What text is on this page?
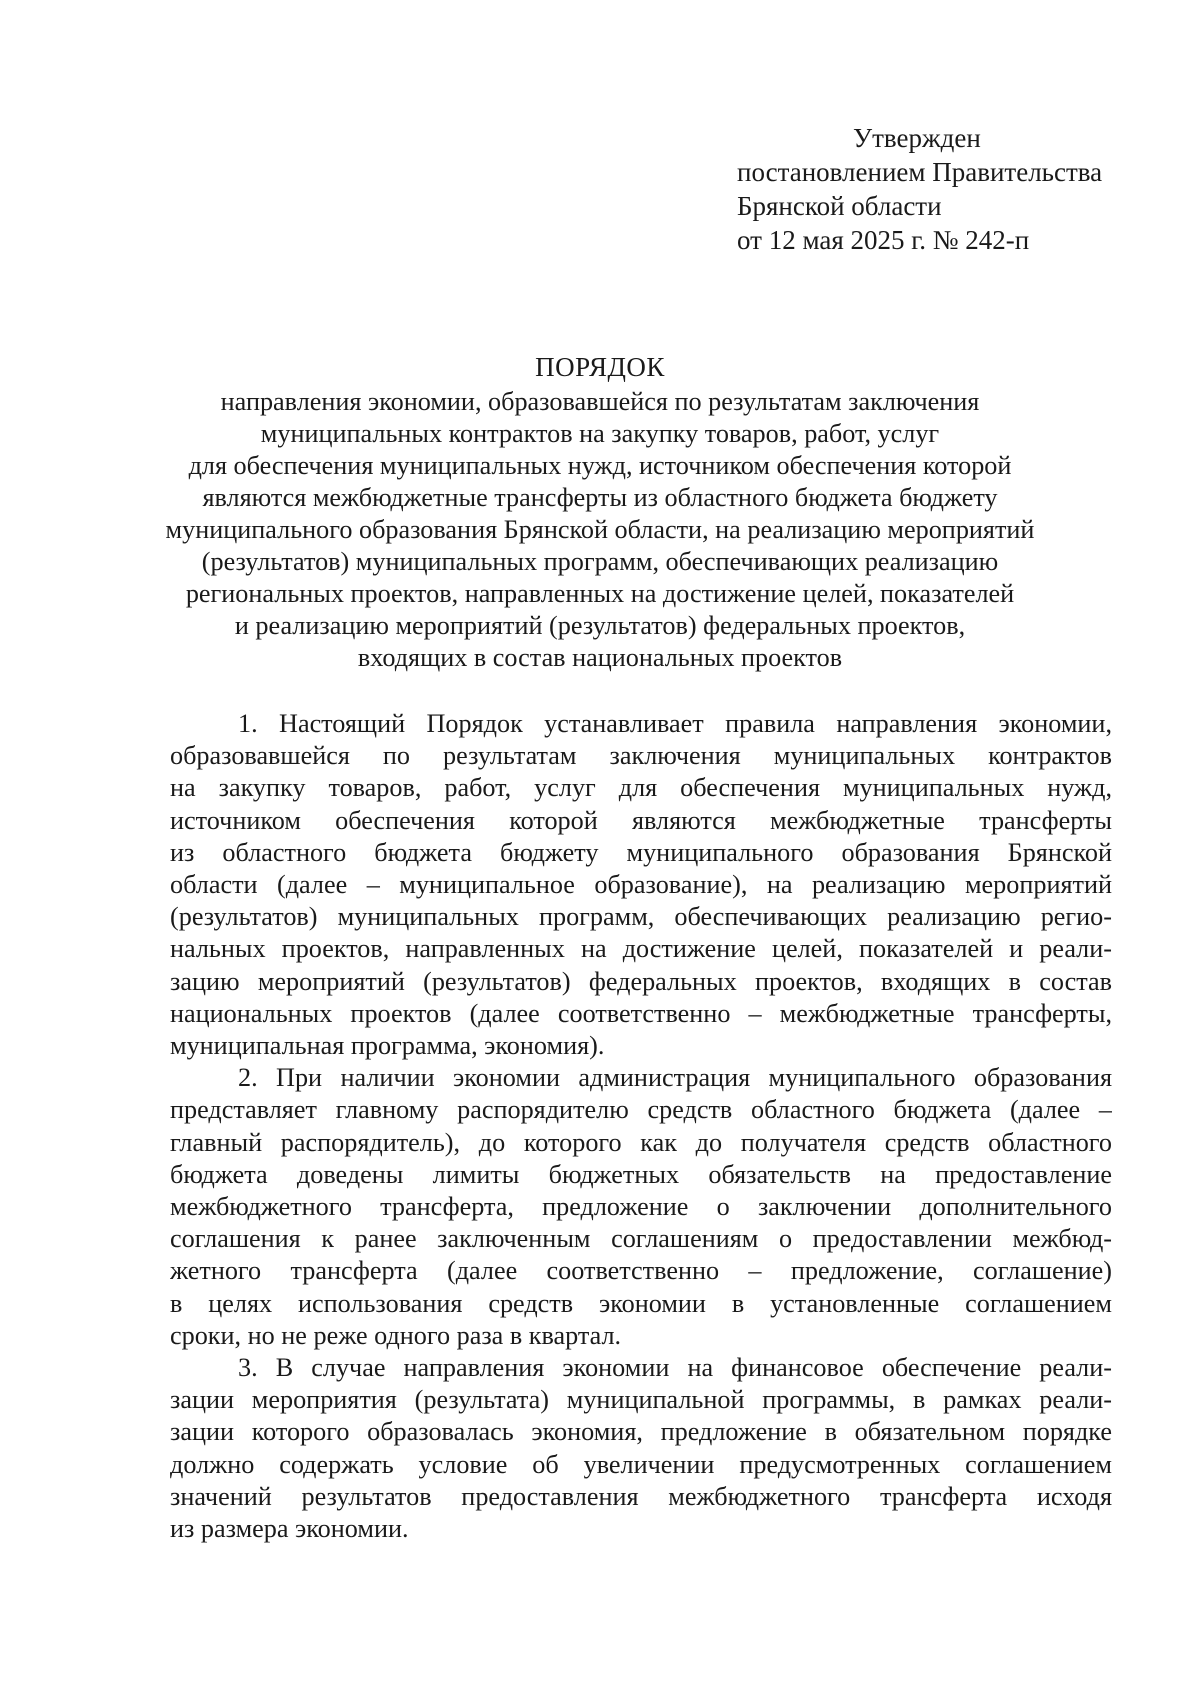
Утвержден
постановлением Правительства
Брянской области
от 12 мая 2025 г. № 242-п
ПОРЯДОК
направления экономии, образовавшейся по результатам заключения
муниципальных контрактов на закупку товаров, работ, услуг
для обеспечения муниципальных нужд, источником обеспечения которой
являются межбюджетные трансферты из областного бюджета бюджету
муниципального образования Брянской области, на реализацию мероприятий
(результатов) муниципальных программ, обеспечивающих реализацию
региональных проектов, направленных на достижение целей, показателей
и реализацию мероприятий (результатов) федеральных проектов,
входящих в состав национальных проектов
1. Настоящий Порядок устанавливает правила направления экономии,
образовавшейся по результатам заключения муниципальных контрактов
на закупку товаров, работ, услуг для обеспечения муниципальных нужд,
источником обеспечения которой являются межбюджетные трансферты
из областного бюджета бюджету муниципального образования Брянской
области (далее – муниципальное образование), на реализацию мероприятий
(результатов) муниципальных программ, обеспечивающих реализацию регио-
нальных проектов, направленных на достижение целей, показателей и реали-
зацию мероприятий (результатов) федеральных проектов, входящих в состав
национальных проектов (далее соответственно – межбюджетные трансферты,
муниципальная программа, экономия).
2. При наличии экономии администрация муниципального образования
представляет главному распорядителю средств областного бюджета (далее –
главный распорядитель), до которого как до получателя средств областного
бюджета доведены лимиты бюджетных обязательств на предоставление
межбюджетного трансферта, предложение о заключении дополнительного
соглашения к ранее заключенным соглашениям о предоставлении межбюд-
жетного трансферта (далее соответственно – предложение, соглашение)
в целях использования средств экономии в установленные соглашением
сроки, но не реже одного раза в квартал.
3. В случае направления экономии на финансовое обеспечение реали-
зации мероприятия (результата) муниципальной программы, в рамках реали-
зации которого образовалась экономия, предложение в обязательном порядке
должно содержать условие об увеличении предусмотренных соглашением
значений результатов предоставления межбюджетного трансферта исходя
из размера экономии.
